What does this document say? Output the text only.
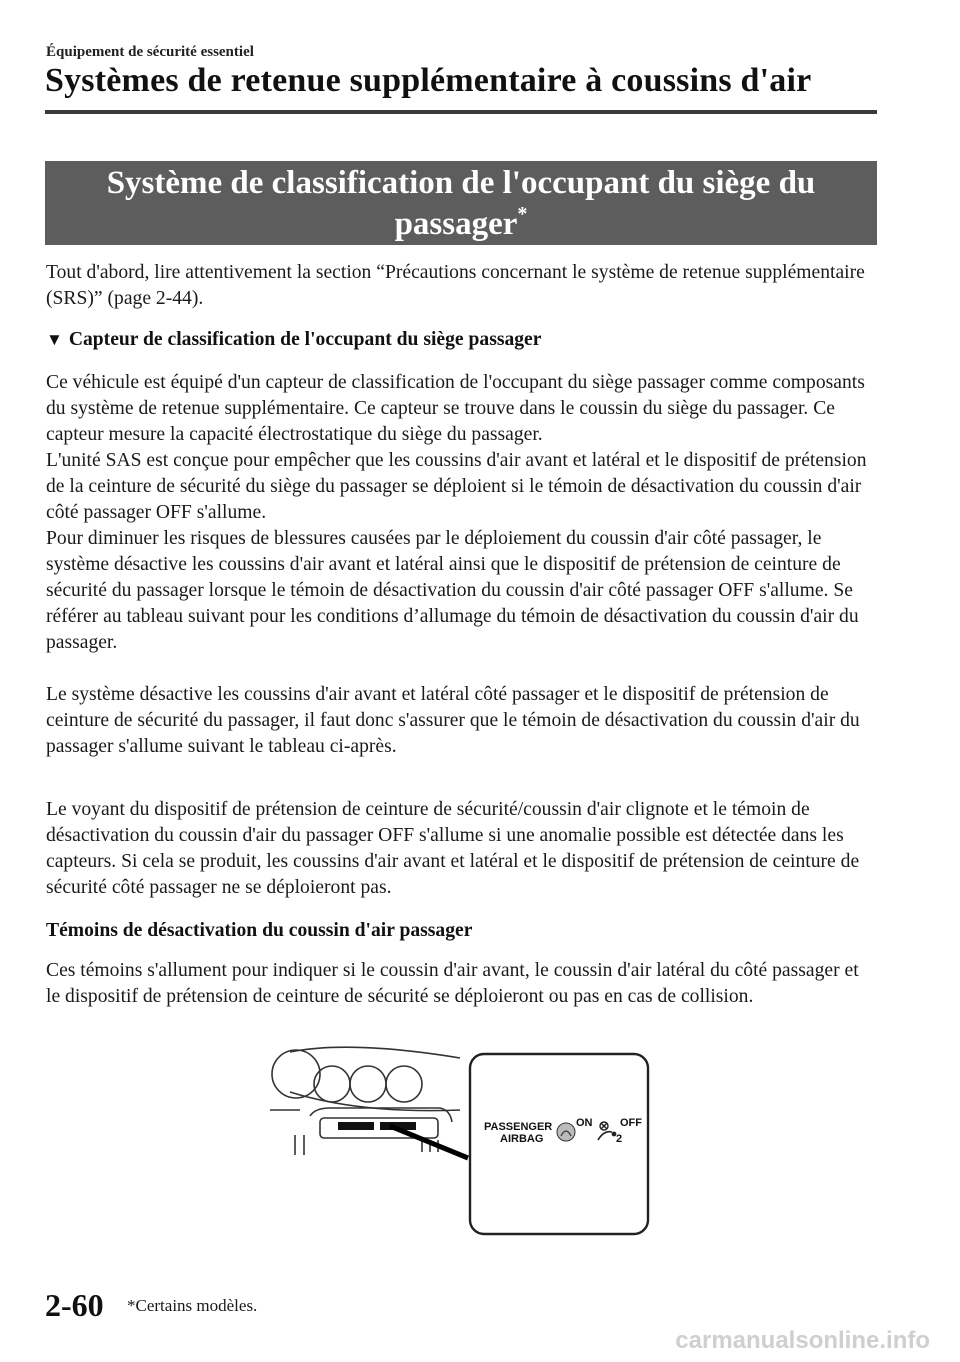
Équipement de sécurité essentiel
Systèmes de retenue supplémentaire à coussins d'air
Système de classification de l'occupant du siège du
passager*
Tout d'abord, lire attentivement la section “Précautions concernant le système de retenue supplémentaire (SRS)” (page 2-44).
▼ Capteur de classification de l'occupant du siège passager
Ce véhicule est équipé d'un capteur de classification de l'occupant du siège passager comme composants du système de retenue supplémentaire. Ce capteur se trouve dans le coussin du siège du passager. Ce capteur mesure la capacité électrostatique du siège du passager.
L'unité SAS est conçue pour empêcher que les coussins d'air avant et latéral et le dispositif de prétension de la ceinture de sécurité du siège du passager se déploient si le témoin de désactivation du coussin d'air côté passager OFF s'allume.
Pour diminuer les risques de blessures causées par le déploiement du coussin d'air côté passager, le système désactive les coussins d'air avant et latéral ainsi que le dispositif de prétension de ceinture de sécurité du passager lorsque le témoin de désactivation du coussin d'air côté passager OFF s'allume. Se référer au tableau suivant pour les conditions d’allumage du témoin de désactivation du coussin d'air du passager.
Le système désactive les coussins d'air avant et latéral côté passager et le dispositif de prétension de ceinture de sécurité du passager, il faut donc s'assurer que le témoin de désactivation du coussin d'air du passager s'allume suivant le tableau ci-après.
Le voyant du dispositif de prétension de ceinture de sécurité/coussin d'air clignote et le témoin de désactivation du coussin d'air du passager OFF s'allume si une anomalie possible est détectée dans les capteurs. Si cela se produit, les coussins d'air avant et latéral et le dispositif de prétension de ceinture de sécurité côté passager ne se déploieront pas.
Témoins de désactivation du coussin d'air passager
Ces témoins s'allument pour indiquer si le coussin d'air avant, le coussin d'air latéral du côté passager et le dispositif de prétension de ceinture de sécurité se déploieront ou pas en cas de collision.
PASSENGER
AIRBAG
ON	OFF
2
2-60 *Certains modèles.
carmanualsonline.info
